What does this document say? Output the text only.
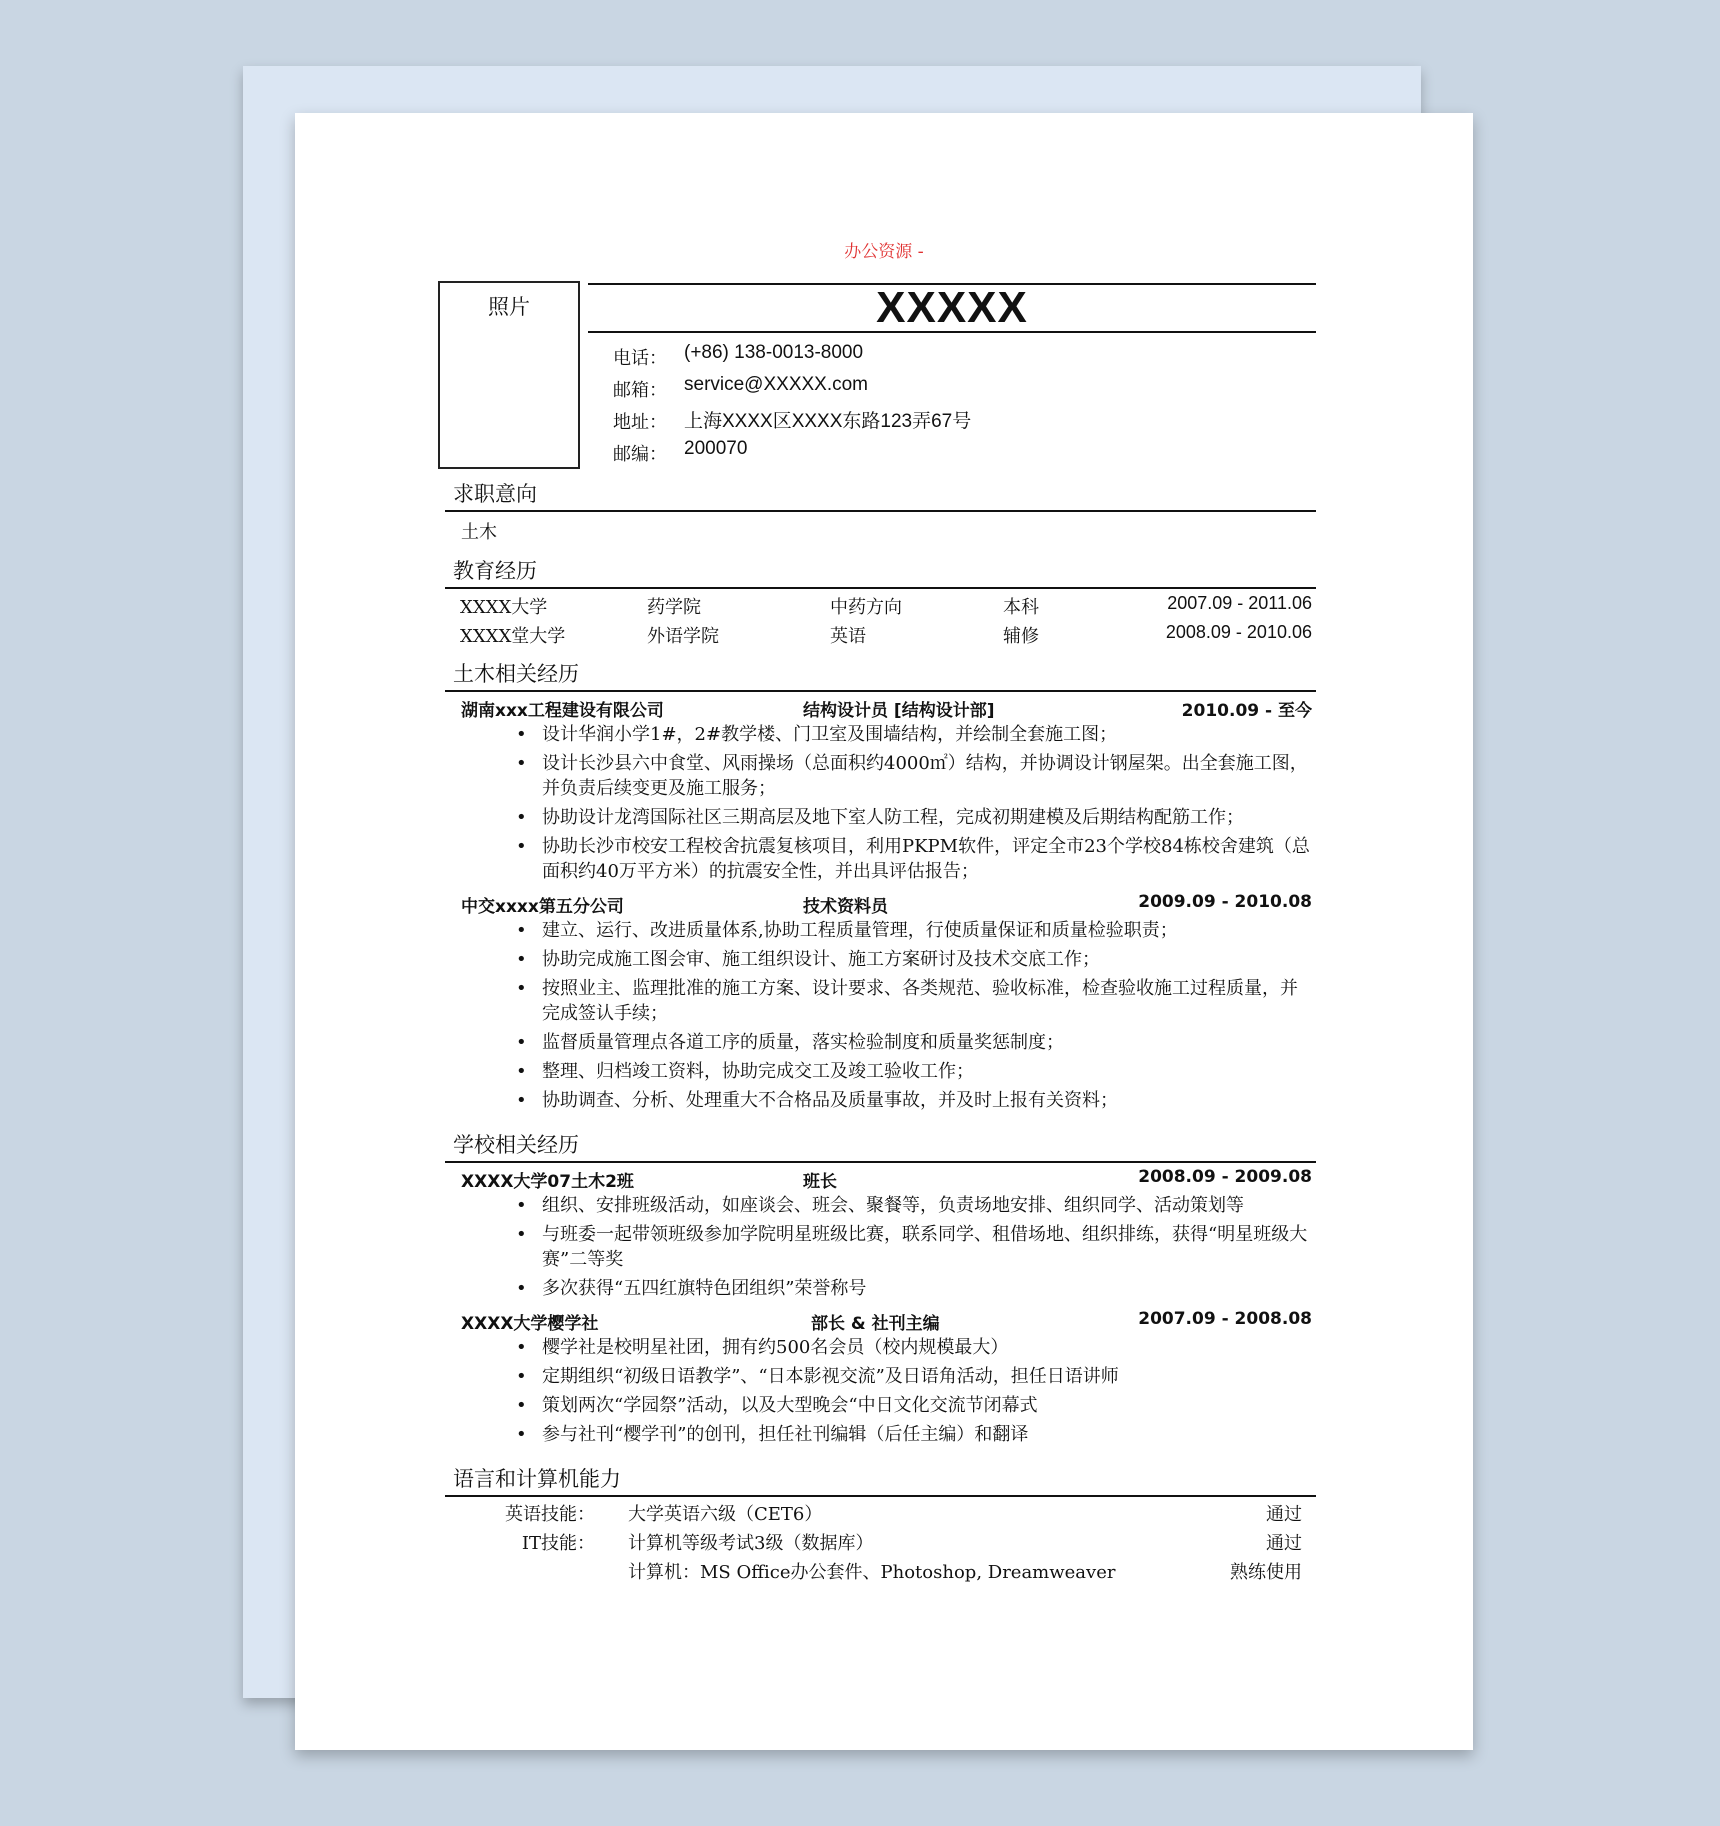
办公资源 -
照片	XXXXX
电话： (+86) 138-0013-8000
邮箱： service@XXXXX.com
地址： 上海XXXX区XXXX东路123弄67号
邮编： 200070
求职意向
土木
教育经历
XXXX大学	药学院	中药方向	本科	2007.09 - 2011.06
XXXX堂大学	外语学院	英语	辅修	2008.09 - 2010.06
土木相关经历
湖南xxx工程建设有限公司	结构设计员 [结构设计部]	2010.09 - 至今
• 设计华润小学1#，2#教学楼、门卫室及围墙结构，并绘制全套施工图；
• 设计长沙县六中食堂、风雨操场（总面积约4000㎡）结构，并协调设计钢屋架。出全套施工图，并负责后续变更及施工服务；
• 协助设计龙湾国际社区三期高层及地下室人防工程，完成初期建模及后期结构配筋工作；
• 协助长沙市校安工程校舍抗震复核项目，利用PKPM软件，评定全市23个学校84栋校舍建筑（总面积约40万平方米）的抗震安全性，并出具评估报告；
中交xxxx第五分公司	技术资料员	2009.09 - 2010.08
• 建立、运行、改进质量体系,协助工程质量管理，行使质量保证和质量检验职责；
• 协助完成施工图会审、施工组织设计、施工方案研讨及技术交底工作；
• 按照业主、监理批准的施工方案、设计要求、各类规范、验收标准，检查验收施工过程质量，并完成签认手续；
• 监督质量管理点各道工序的质量，落实检验制度和质量奖惩制度；
• 整理、归档竣工资料，协助完成交工及竣工验收工作；
• 协助调查、分析、处理重大不合格品及质量事故，并及时上报有关资料；
学校相关经历
XXXX大学07土木2班	班长	2008.09 - 2009.08
• 组织、安排班级活动，如座谈会、班会、聚餐等，负责场地安排、组织同学、活动策划等
• 与班委一起带领班级参加学院明星班级比赛，联系同学、租借场地、组织排练，获得“明星班级大赛”二等奖
• 多次获得“五四红旗特色团组织”荣誉称号
XXXX大学樱学社	部长 & 社刊主编	2007.09 - 2008.08
• 樱学社是校明星社团，拥有约500名会员（校内规模最大）
• 定期组织“初级日语教学”、“日本影视交流”及日语角活动，担任日语讲师
• 策划两次“学园祭”活动，以及大型晚会“中日文化交流节闭幕式
• 参与社刊“樱学刊”的创刊，担任社刊编辑（后任主编）和翻译
语言和计算机能力
英语技能： 大学英语六级（CET6）	通过
IT技能： 计算机等级考试3级（数据库）	通过
计算机：MS Office办公套件、Photoshop, Dreamweaver	熟练使用
